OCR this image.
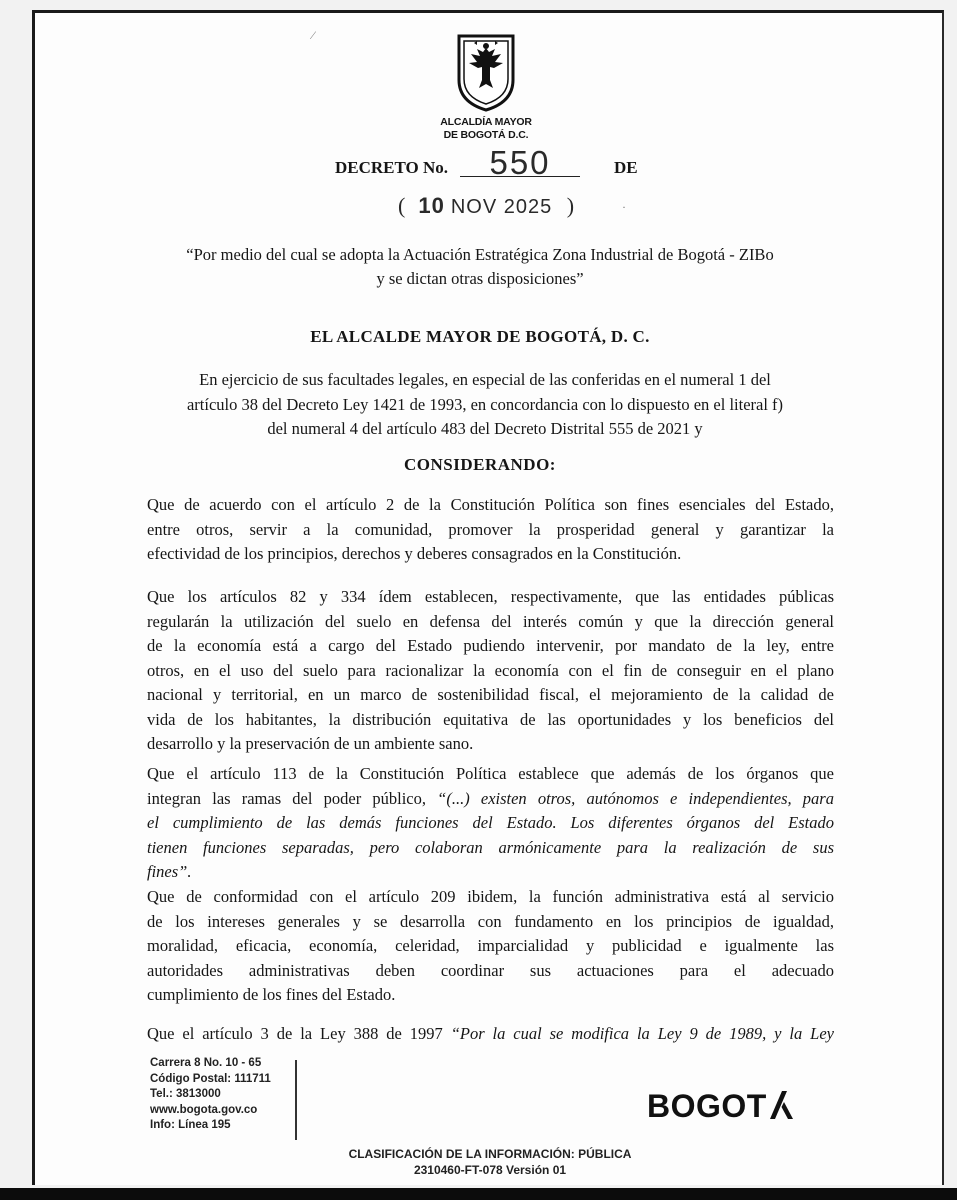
ALCALDÍA MAYOR
DE BOGOTÁ D.C.
DECRETO No.	550	DE
( 10 NOV 2025 )
⁄
·
“Por medio del cual se adopta la Actuación Estratégica Zona Industrial de Bogotá - ZIBo
y se dictan otras disposiciones”
EL ALCALDE MAYOR DE BOGOTÁ, D. C.
En ejercicio de sus facultades legales, en especial de las conferidas en el numeral 1 del
artículo 38 del Decreto Ley 1421 de 1993, en concordancia con lo dispuesto en el literal f)
del numeral 4 del artículo 483 del Decreto Distrital 555 de 2021 y
CONSIDERANDO:
Que de acuerdo con el artículo 2 de la Constitución Política son fines esenciales del Estado,
entre otros, servir a la comunidad, promover la prosperidad general y garantizar la
efectividad de los principios, derechos y deberes consagrados en la Constitución.
Que los artículos 82 y 334 ídem establecen, respectivamente, que las entidades públicas
regularán la utilización del suelo en defensa del interés común y que la dirección general
de la economía está a cargo del Estado pudiendo intervenir, por mandato de la ley, entre
otros, en el uso del suelo para racionalizar la economía con el fin de conseguir en el plano
nacional y territorial, en un marco de sostenibilidad fiscal, el mejoramiento de la calidad de
vida de los habitantes, la distribución equitativa de las oportunidades y los beneficios del
desarrollo y la preservación de un ambiente sano.
Que el artículo 113 de la Constitución Política establece que además de los órganos que
integran las ramas del poder público, “(...) existen otros, autónomos e independientes, para
el cumplimiento de las demás funciones del Estado. Los diferentes órganos del Estado
tienen funciones separadas, pero colaboran armónicamente para la realización de sus
fines”.
Que de conformidad con el artículo 209 ibidem, la función administrativa está al servicio
de los intereses generales y se desarrolla con fundamento en los principios de igualdad,
moralidad, eficacia, economía, celeridad, imparcialidad y publicidad e igualmente las
autoridades administrativas deben coordinar sus actuaciones para el adecuado
cumplimiento de los fines del Estado.
Que el artículo 3 de la Ley 388 de 1997 “Por la cual se modifica la Ley 9 de 1989, y la Ley
Carrera 8 No. 10 - 65
Código Postal: 111711
Tel.: 3813000
www.bogota.gov.co
Info: Línea 195
BOGOT
CLASIFICACIÓN DE LA INFORMACIÓN: PÚBLICA
2310460-FT-078 Versión 01
